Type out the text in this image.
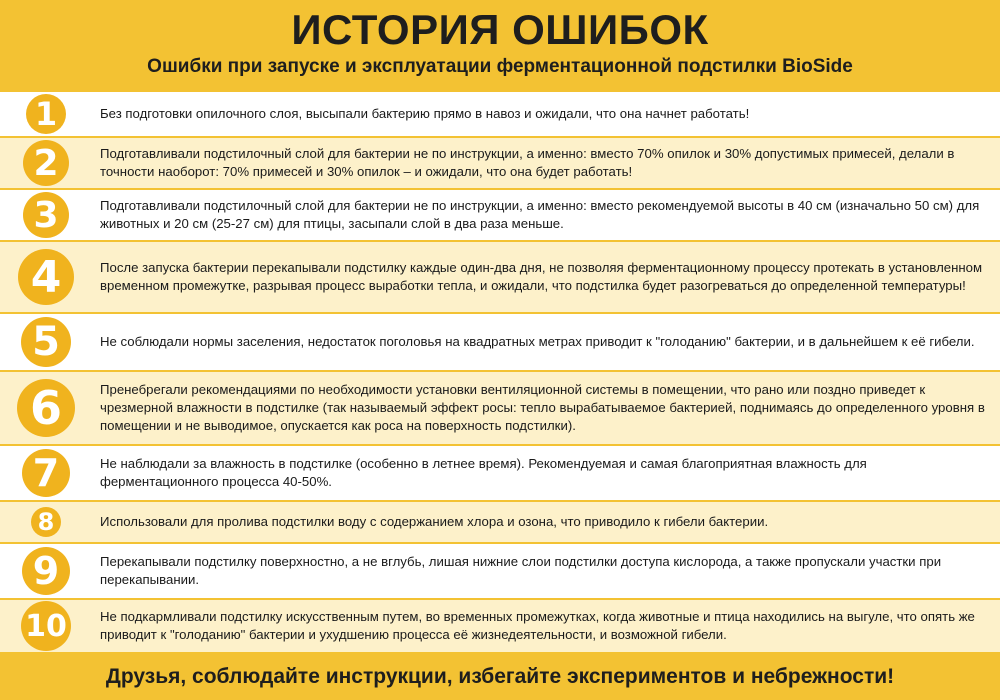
ИСТОРИЯ ОШИБОК
Ошибки при запуске и эксплуатации ферментационной подстилки BioSide
1	Без подготовки опилочного слоя, высыпали бактерию прямо в навоз и ожидали, что она начнет работать!
2	Подготавливали подстилочный слой для бактерии не по инструкции, а именно: вместо 70% опилок и 30% допустимых примесей, делали в точности наоборот: 70% примесей и 30% опилок – и ожидали, что она будет работать!
3	Подготавливали подстилочный слой для бактерии не по инструкции, а именно: вместо рекомендуемой высоты в 40 см (изначально 50 см) для животных и 20 см (25-27 см) для птицы, засыпали слой в два раза меньше.
4	После запуска бактерии перекапывали подстилку каждые один-два дня, не позволяя ферментационному процессу протекать в установленном временном промежутке, разрывая процесс выработки тепла, и ожидали, что подстилка будет разогреваться до определенной температуры!
5	Не соблюдали нормы заселения, недостаток поголовья на квадратных метрах приводит к "голоданию" бактерии, и в дальнейшем к её гибели.
6	Пренебрегали рекомендациями по необходимости установки вентиляционной системы в помещении, что рано или поздно приведет к чрезмерной влажности в подстилке (так называемый эффект росы: тепло вырабатываемое бактерией, поднимаясь до определенного уровня в помещении и не выводимое, опускается как роса на поверхность подстилки).
7	Не наблюдали за влажность в подстилке (особенно в летнее время). Рекомендуемая и самая благоприятная влажность для ферментационного процесса 40-50%.
8	Использовали для пролива подстилки воду с содержанием хлора и озона, что приводило к гибели бактерии.
9	Перекапывали подстилку поверхностно, а не вглубь, лишая нижние слои подстилки доступа кислорода, а также пропускали участки при перекапывании.
10	Не подкармливали подстилку искусственным путем, во временных промежутках, когда животные и птица находились на выгуле, что опять же приводит к "голоданию" бактерии и ухудшению процесса её жизнедеятельности, и возможной гибели.
Друзья, соблюдайте инструкции, избегайте экспериментов и небрежности!
